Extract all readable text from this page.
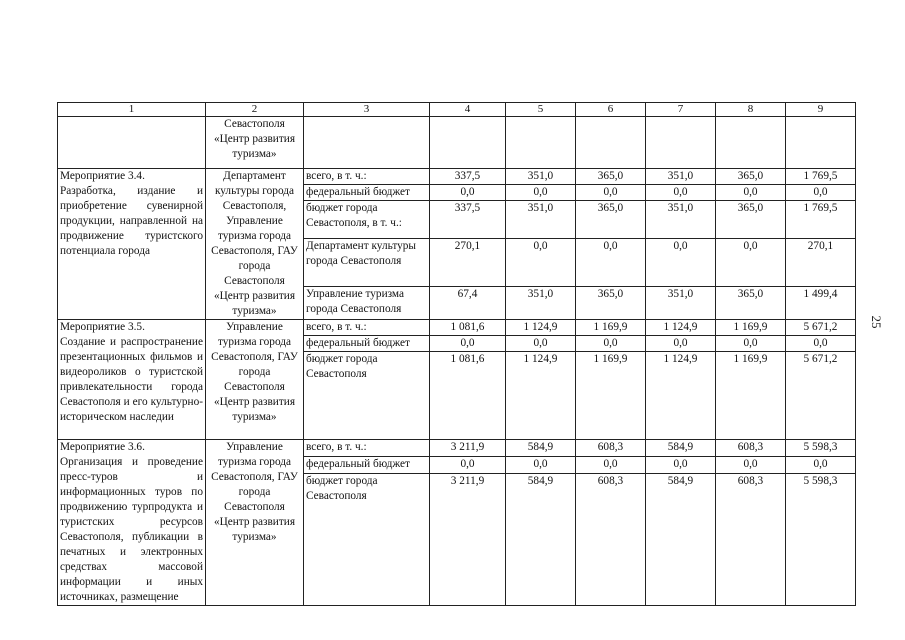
1	2	3	4	5	6	7	8	9
	Севастополя «Центр развития туризма»							

Мероприятие 3.4.
Разработка, издание и приобретение сувенирной продукции, направленной на продвижение туристского потенциала города	Департамент культуры города Севастополя, Управление туризма города Севастополя, ГАУ города Севастополя «Центр развития туризма»	всего, в т. ч.:	337,5	351,0	365,0	351,0	365,0	1 769,5
		федеральный бюджет	0,0	0,0	0,0	0,0	0,0	0,0
		бюджет города Севастополя, в т. ч.:	337,5	351,0	365,0	351,0	365,0	1 769,5
		Департамент культуры города Севастополя	270,1	0,0	0,0	0,0	0,0	270,1
		Управление туризма города Севастополя	67,4	351,0	365,0	351,0	365,0	1 499,4

Мероприятие 3.5.
Создание и распространение презентационных фильмов и видеороликов о туристской привлекательности города Севастополя и его культурно-историческом наследии	Управление туризма города Севастополя, ГАУ города Севастополя «Центр развития туризма»	всего, в т. ч.:	1 081,6	1 124,9	1 169,9	1 124,9	1 169,9	5 671,2
		федеральный бюджет	0,0	0,0	0,0	0,0	0,0	0,0
		бюджет города Севастополя	1 081,6	1 124,9	1 169,9	1 124,9	1 169,9	5 671,2

Мероприятие 3.6.
Организация и проведение пресс-туров и информационных туров по продвижению турпродукта и туристских ресурсов Севастополя, публикации в печатных и электронных средствах массовой информации и иных источниках, размещение	Управление туризма города Севастополя, ГАУ города Севастополя «Центр развития туризма»	всего, в т. ч.:	3 211,9	584,9	608,3	584,9	608,3	5 598,3
		федеральный бюджет	0,0	0,0	0,0	0,0	0,0	0,0
		бюджет города Севастополя	3 211,9	584,9	608,3	584,9	608,3	5 598,3
25
